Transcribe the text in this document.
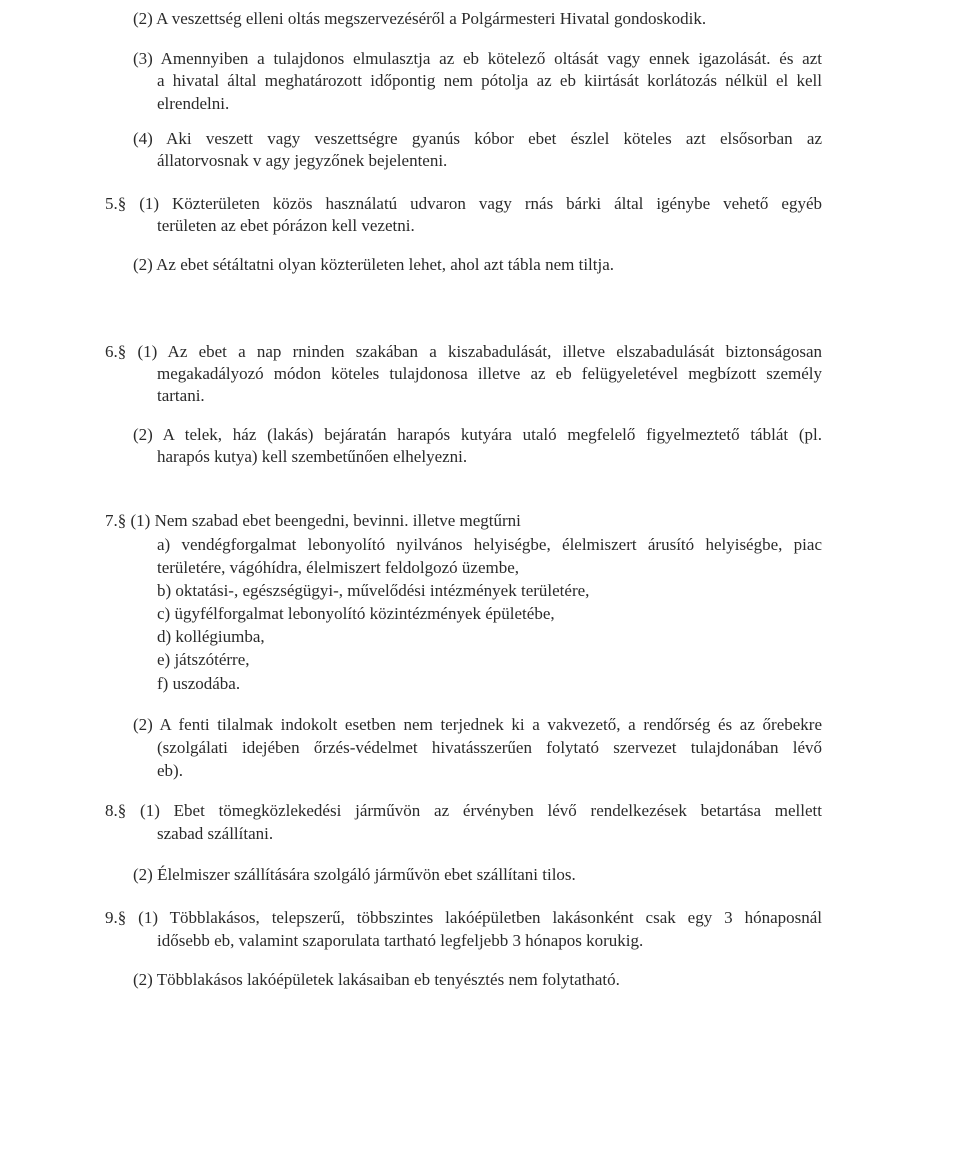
(2) A veszettség elleni oltás megszervezéséről a Polgármesteri Hivatal gondoskodik.
(3) Amennyiben a tulajdonos elmulasztja az eb kötelező oltását vagy ennek igazolását. és azt
a hivatal által meghatározott időpontig nem pótolja az eb kiirtását korlátozás nélkül el kell
elrendelni.
(4) Aki veszett vagy veszettségre gyanús kóbor ebet észlel köteles azt elsősorban az
állatorvosnak v agy jegyzőnek bejelenteni.
5.§ (1) Közterületen közös használatú udvaron vagy rnás bárki által igénybe vehető egyéb
területen az ebet pórázon kell vezetni.
(2) Az ebet sétáltatni olyan közterületen lehet, ahol azt tábla nem tiltja.
6.§ (1) Az ebet a nap rninden szakában a kiszabadulását, illetve elszabadulását biztonságosan
megakadályozó módon köteles tulajdonosa illetve az eb felügyeletével megbízott személy
tartani.
(2) A telek, ház (lakás) bejáratán harapós kutyára utaló megfelelő figyelmeztető táblát (pl.
harapós kutya) kell szembetűnően elhelyezni.
7.§ (1) Nem szabad ebet beengedni, bevinni. illetve megtűrni
a) vendégforgalmat lebonyolító nyilvános helyiségbe, élelmiszert árusító helyiségbe, piac
területére, vágóhídra, élelmiszert feldolgozó üzembe,
b) oktatási-, egészségügyi-, művelődési intézmények területére,
c) ügyfélforgalmat lebonyolító közintézmények épületébe,
d) kollégiumba,
e) játszótérre,
f) uszodába.
(2) A fenti tilalmak indokolt esetben nem terjednek ki a vakvezető, a rendőrség és az őrebekre
(szolgálati idejében őrzés-védelmet hivatásszerűen folytató szervezet tulajdonában lévő
eb).
8.§ (1) Ebet tömegközlekedési járművön az érvényben lévő rendelkezések betartása mellett
szabad szállítani.
(2) Élelmiszer szállítására szolgáló járművön ebet szállítani tilos.
9.§ (1) Többlakásos, telepszerű, többszintes lakóépületben lakásonként csak egy 3 hónaposnál
idősebb eb, valamint szaporulata tartható legfeljebb 3 hónapos korukig.
(2) Többlakásos lakóépületek lakásaiban eb tenyésztés nem folytatható.
